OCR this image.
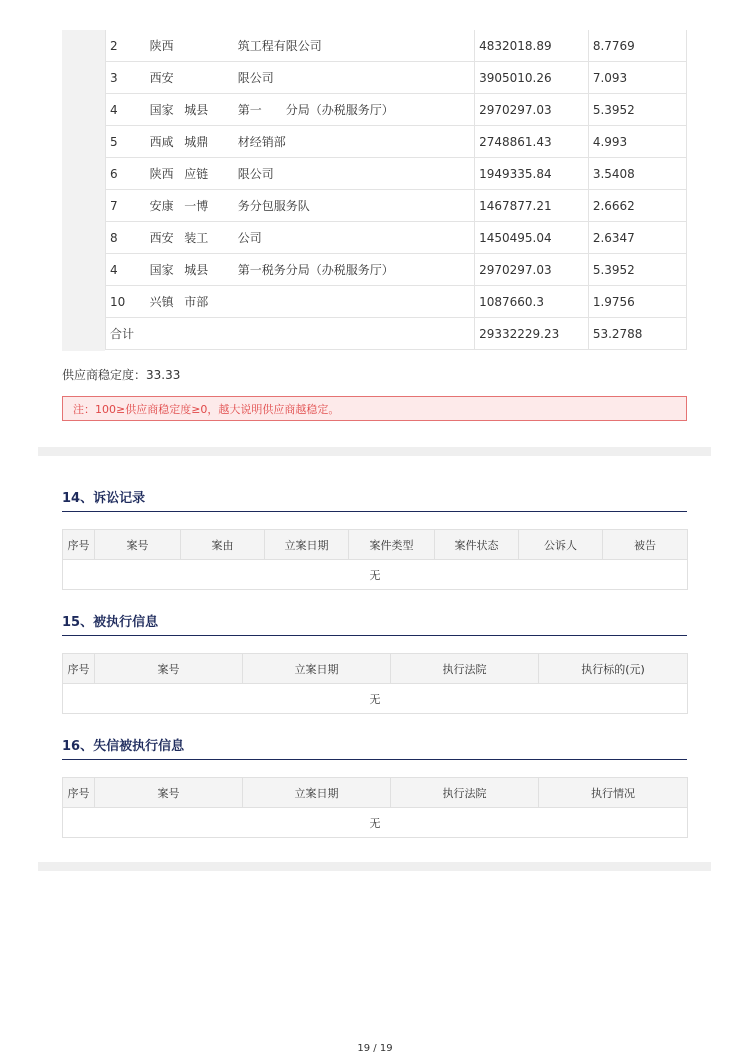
2	陕西		筑工程有限公司		4832018.89	8.7769
3	西安		限公司		3905010.26	7.093
4	国家	城县	第一　　分局（办税服务厅）		2970297.03	5.3952
5	西咸	城鼎	材经销部		2748861.43	4.993
6	陕西	应链	限公司		1949335.84	3.5408
7	安康	一博	务分包服务队		1467877.21	2.6662
8	西安	装工	公司		1450495.04	2.6347
4	国家	城县	第一税务分局（办税服务厅）		2970297.03	5.3952
10	兴镇	市部			1087660.3	1.9756
合计					29332229.23	53.2788
供应商稳定度：33.33
注：100≥供应商稳定度≥0，越大说明供应商越稳定。
14、诉讼记录
序号	案号	案由	立案日期	案件类型	案件状态	公诉人	被告
无
15、被执行信息
序号	案号	立案日期	执行法院	执行标的(元)
无
16、失信被执行信息
序号	案号	立案日期	执行法院	执行情况
无
19 / 19
